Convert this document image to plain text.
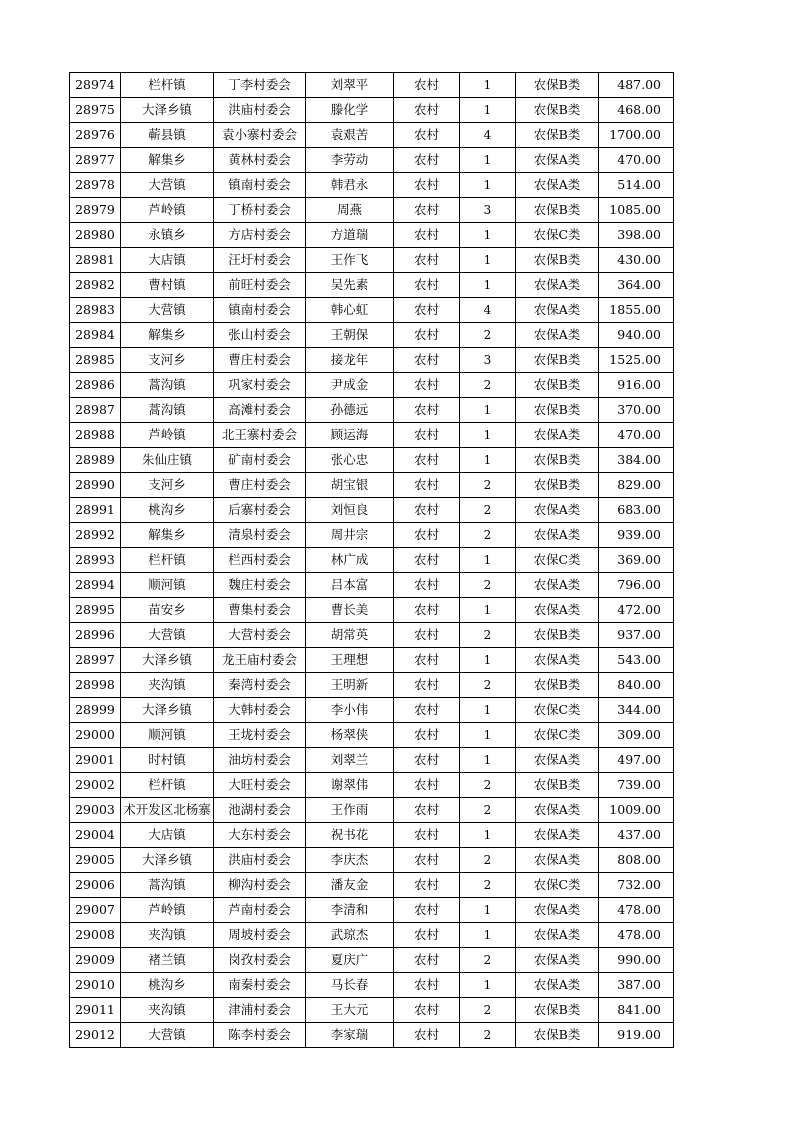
28974	栏杆镇	丁李村委会	刘翠平	农村	1	农保B类	487.00
28975	大泽乡镇	洪庙村委会	滕化学	农村	1	农保B类	468.00
28976	蕲县镇	袁小寨村委会	袁艰苦	农村	4	农保B类	1700.00
28977	解集乡	黄林村委会	李劳动	农村	1	农保A类	470.00
28978	大营镇	镇南村委会	韩君永	农村	1	农保A类	514.00
28979	芦岭镇	丁桥村委会	周燕	农村	3	农保B类	1085.00
28980	永镇乡	方店村委会	方道瑞	农村	1	农保C类	398.00
28981	大店镇	汪圩村委会	王作飞	农村	1	农保B类	430.00
28982	曹村镇	前旺村委会	吴先素	农村	1	农保A类	364.00
28983	大营镇	镇南村委会	韩心虹	农村	4	农保A类	1855.00
28984	解集乡	张山村委会	王朝保	农村	2	农保A类	940.00
28985	支河乡	曹庄村委会	接龙年	农村	3	农保B类	1525.00
28986	蒿沟镇	巩家村委会	尹成金	农村	2	农保B类	916.00
28987	蒿沟镇	高滩村委会	孙德远	农村	1	农保B类	370.00
28988	芦岭镇	北王寨村委会	顾运海	农村	1	农保A类	470.00
28989	朱仙庄镇	矿南村委会	张心忠	农村	1	农保B类	384.00
28990	支河乡	曹庄村委会	胡宝银	农村	2	农保B类	829.00
28991	桃沟乡	后寨村委会	刘恒良	农村	2	农保A类	683.00
28992	解集乡	清泉村委会	周井宗	农村	2	农保A类	939.00
28993	栏杆镇	栏西村委会	林广成	农村	1	农保C类	369.00
28994	顺河镇	魏庄村委会	吕本富	农村	2	农保A类	796.00
28995	苗安乡	曹集村委会	曹长美	农村	1	农保A类	472.00
28996	大营镇	大营村委会	胡常英	农村	2	农保B类	937.00
28997	大泽乡镇	龙王庙村委会	王理想	农村	1	农保A类	543.00
28998	夹沟镇	秦湾村委会	王明新	农村	2	农保B类	840.00
28999	大泽乡镇	大韩村委会	李小伟	农村	1	农保C类	344.00
29000	顺河镇	王垅村委会	杨翠侠	农村	1	农保C类	309.00
29001	时村镇	油坊村委会	刘翠兰	农村	1	农保A类	497.00
29002	栏杆镇	大旺村委会	谢翠伟	农村	2	农保B类	739.00
29003	术开发区北杨寨	池湖村委会	王作雨	农村	2	农保A类	1009.00
29004	大店镇	大东村委会	祝书花	农村	1	农保A类	437.00
29005	大泽乡镇	洪庙村委会	李庆杰	农村	2	农保A类	808.00
29006	蒿沟镇	柳沟村委会	潘友金	农村	2	农保C类	732.00
29007	芦岭镇	芦南村委会	李清和	农村	1	农保A类	478.00
29008	夹沟镇	周坡村委会	武琼杰	农村	1	农保A类	478.00
29009	褚兰镇	岗孜村委会	夏庆广	农村	2	农保A类	990.00
29010	桃沟乡	南秦村委会	马长春	农村	1	农保A类	387.00
29011	夹沟镇	津浦村委会	王大元	农村	2	农保B类	841.00
29012	大营镇	陈李村委会	李家瑞	农村	2	农保B类	919.00
